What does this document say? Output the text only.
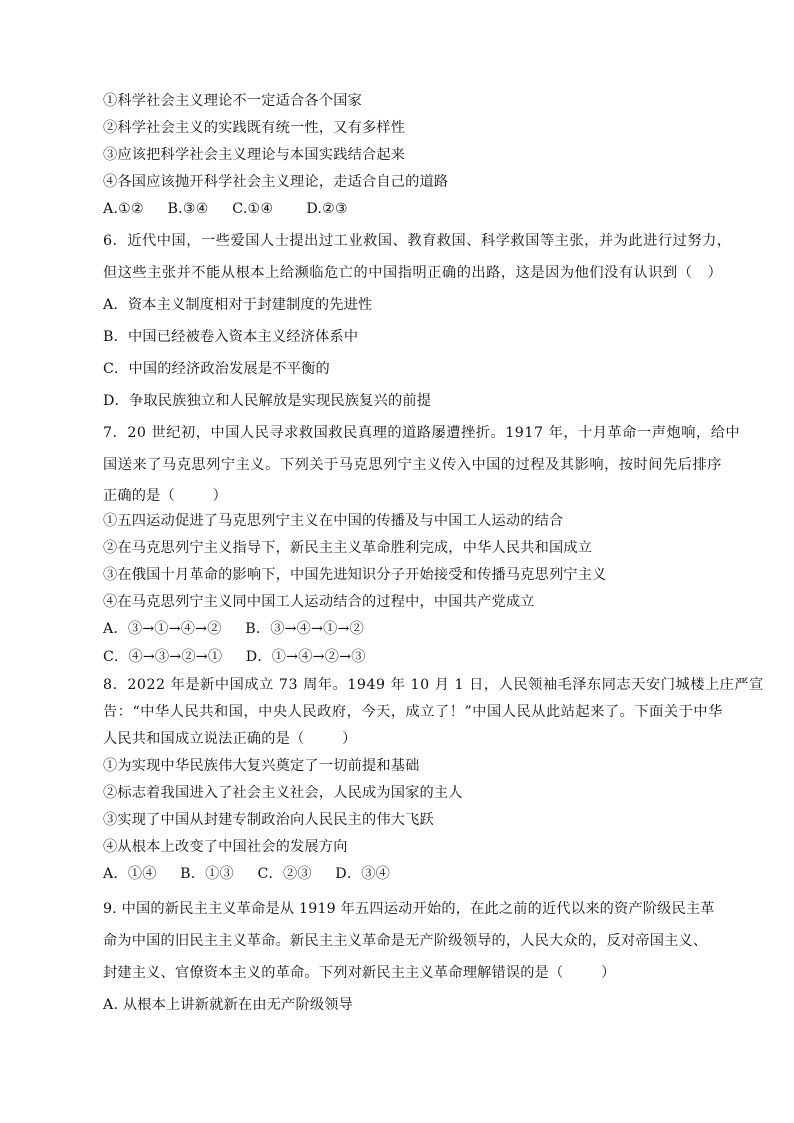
①科学社会主义理论不一定适合各个国家
②科学社会主义的实践既有统一性，又有多样性
③应该把科学社会主义理论与本国实践结合起来
④各国应该抛开科学社会主义理论，走适合自己的道路
A.①②     B.③④     C.①④       D.②③
6．近代中国，一些爱国人士提出过工业救国、教育救国、科学救国等主张，并为此进行过努力，
但这些主张并不能从根本上给濒临危亡的中国指明正确的出路，这是因为他们没有认识到（   ）
A．资本主义制度相对于封建制度的先进性
B．中国已经被卷入资本主义经济体系中
C．中国的经济政治发展是不平衡的
D．争取民族独立和人民解放是实现民族复兴的前提
7．20 世纪初，中国人民寻求救国救民真理的道路屡遭挫折。1917 年，十月革命一声炮响，给中
国送来了马克思列宁主义。下列关于马克思列宁主义传入中国的过程及其影响，按时间先后排序
正确的是（        ）
①五四运动促进了马克思列宁主义在中国的传播及与中国工人运动的结合
②在马克思列宁主义指导下，新民主主义革命胜利完成，中华人民共和国成立
③在俄国十月革命的影响下，中国先进知识分子开始接受和传播马克思列宁主义
④在马克思列宁主义同中国工人运动结合的过程中，中国共产党成立
A．③→①→④→②     B．③→④→①→②
C．④→③→②→①     D．①→④→②→③
8．2022 年是新中国成立 73 周年。1949 年 10 月 1 日，人民领袖毛泽东同志天安门城楼上庄严宣
告：“中华人民共和国，中央人民政府，今天，成立了！”中国人民从此站起来了。下面关于中华
人民共和国成立说法正确的是（        ）
①为实现中华民族伟大复兴奠定了一切前提和基础
②标志着我国进入了社会主义社会，人民成为国家的主人
③实现了中国从封建专制政治向人民民主的伟大飞跃
④从根本上改变了中国社会的发展方向
A．①④     B．①③     C．②③     D．③④
9. 中国的新民主主义革命是从 1919 年五四运动开始的，在此之前的近代以来的资产阶级民主革
命为中国的旧民主主义革命。新民主主义革命是无产阶级领导的，人民大众的，反对帝国主义、
封建主义、官僚资本主义的革命。下列对新民主主义革命理解错误的是（        ）
A. 从根本上讲新就新在由无产阶级领导
